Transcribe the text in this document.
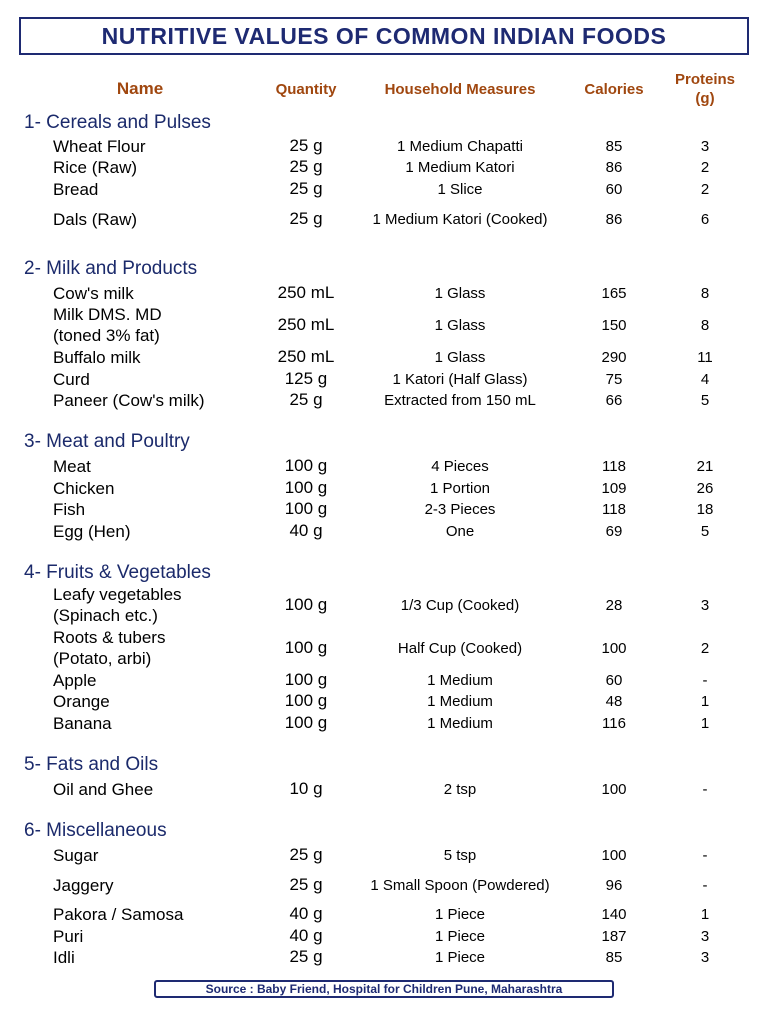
NUTRITIVE VALUES OF COMMON INDIAN FOODS
Name	Quantity	Household Measures	Calories
Proteins
(g)
1- Cereals and Pulses
Wheat Flour	25 g	1 Medium Chapatti	85	3
Rice (Raw)	25 g	1 Medium Katori	86	2
Bread	25 g	1 Slice	60	2
Dals (Raw)	25 g	1 Medium Katori (Cooked)	86	6
2- Milk and Products
Cow's milk	250 mL	1 Glass	165	8
Milk DMS. MD
(toned 3% fat)
250 mL	1 Glass	150	8
Buffalo milk	250 mL	1 Glass	290	11
Curd	125 g	1 Katori (Half Glass)	75	4
Paneer (Cow's milk)	25 g	Extracted from 150 mL	66	5
3- Meat and Poultry
Meat	100 g	4 Pieces	118	21
Chicken	100 g	1 Portion	109	26
Fish	100 g	2-3 Pieces	118	18
Egg (Hen)	40 g	One	69	5
4- Fruits & Vegetables
Leafy vegetables
(Spinach etc.)
100 g	1/3 Cup (Cooked)	28	3
Roots & tubers
(Potato, arbi)
100 g	Half Cup (Cooked)	100	2
Apple	100 g	1 Medium	60	-
Orange	100 g	1 Medium	48	1
Banana	100 g	1 Medium	116	1
5- Fats and Oils
Oil and Ghee	10 g	2 tsp	100	-
6- Miscellaneous
Sugar	25 g	5 tsp	100	-
Jaggery	25 g	1 Small Spoon (Powdered)	96	-
Pakora / Samosa	40 g	1 Piece	140	1
Puri	40 g	1 Piece	187	3
Idli	25 g	1 Piece	85	3
Source : Baby Friend, Hospital for Children Pune, Maharashtra
